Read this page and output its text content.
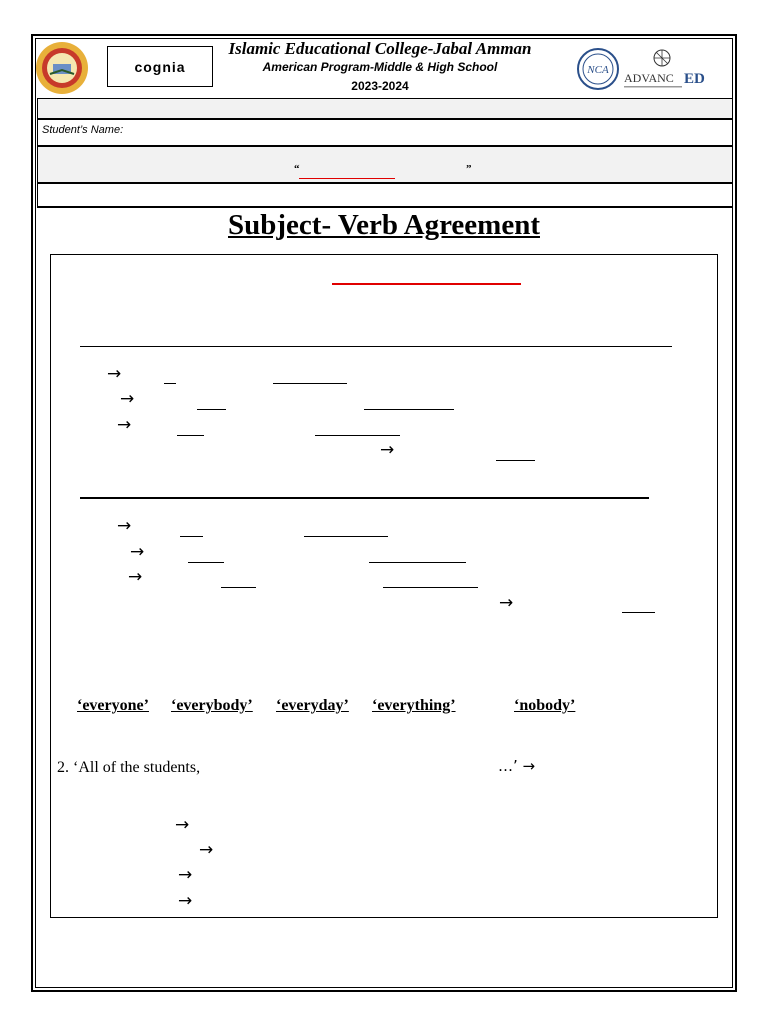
cognia
Islamic Educational College-Jabal Amman
American Program-Middle & High School
2023-2024
NCA
ADVANC ED
Student’s Name:
“	”
Subject- Verb Agreement
→
→
→
→
→
→
→
→
‘everyone’ ‘everybody’ ‘everyday’ ‘everything’	‘nobody’
2. ‘All of the students,	…’ →
→
→
→
→
